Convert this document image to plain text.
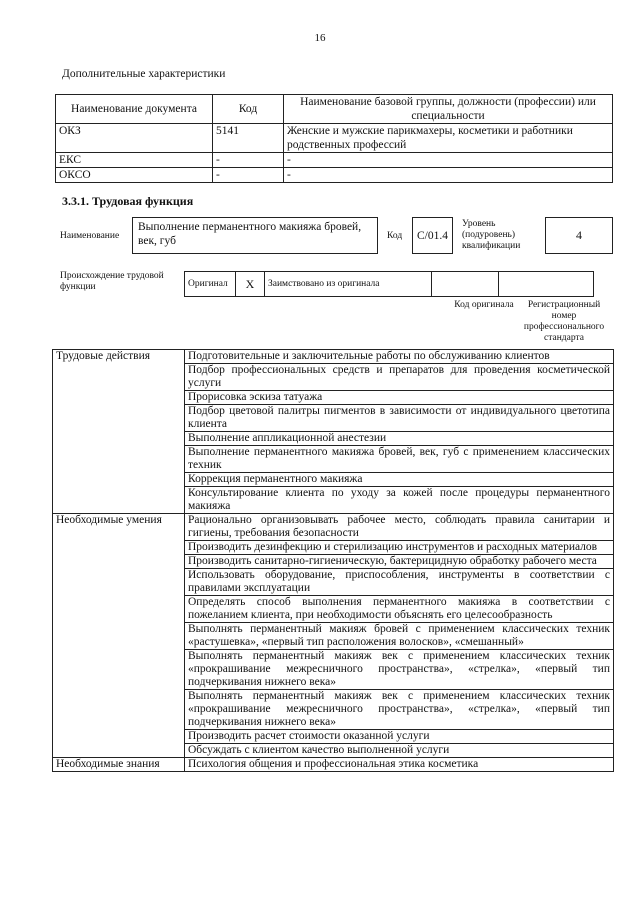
16
Дополнительные характеристики
Наименование документа	Код	Наименование базовой группы, должности (профессии) или специальности
ОКЗ	5141	Женские и мужские парикмахеры, косметики и работники родственных профессий
ЕКС	-	-
ОКСО	-	-
3.3.1. Трудовая функция
Наименование
Выполнение перманентного макияжа бровей, век, губ	Код	C/01.4
Уровень (подуровень) квалификации
4
Происхождение трудовой функции	Оригинал	X	Заимствовано из оригинала		
Код оригинала	Регистрационный номер профессионального стандарта
Трудовые действия	Подготовительные и заключительные работы по обслуживанию клиентов
	Подбор профессиональных средств и препаратов для проведения косметической услуги
	Прорисовка эскиза татуажа
	Подбор цветовой палитры пигментов в зависимости от индивидуального цветотипа клиента
	Выполнение аппликационной анестезии
	Выполнение перманентного макияжа бровей, век, губ с применением классических техник
	Коррекция перманентного макияжа
	Консультирование клиента по уходу за кожей после процедуры перманентного макияжа
Необходимые умения	Рационально организовывать рабочее место, соблюдать правила санитарии и гигиены, требования безопасности
	Производить дезинфекцию и стерилизацию инструментов и расходных материалов
	Производить санитарно-гигиеническую, бактерицидную обработку рабочего места
	Использовать оборудование, приспособления, инструменты в соответствии с правилами эксплуатации
	Определять способ выполнения перманентного макияжа в соответствии с пожеланием клиента, при необходимости объяснять его целесообразность
	Выполнять перманентный макияж бровей с применением классических техник «растушевка», «первый тип расположения волосков», «смешанный»
	Выполнять перманентный макияж век с применением классических техник «прокрашивание межресничного пространства», «стрелка», «первый тип подчеркивания нижнего века»
	Выполнять перманентный макияж век с применением классических техник «прокрашивание межресничного пространства», «стрелка», «первый тип подчеркивания нижнего века»
	Производить расчет стоимости оказанной услуги
	Обсуждать с клиентом качество выполненной услуги
Необходимые знания	Психология общения и профессиональная этика косметика
